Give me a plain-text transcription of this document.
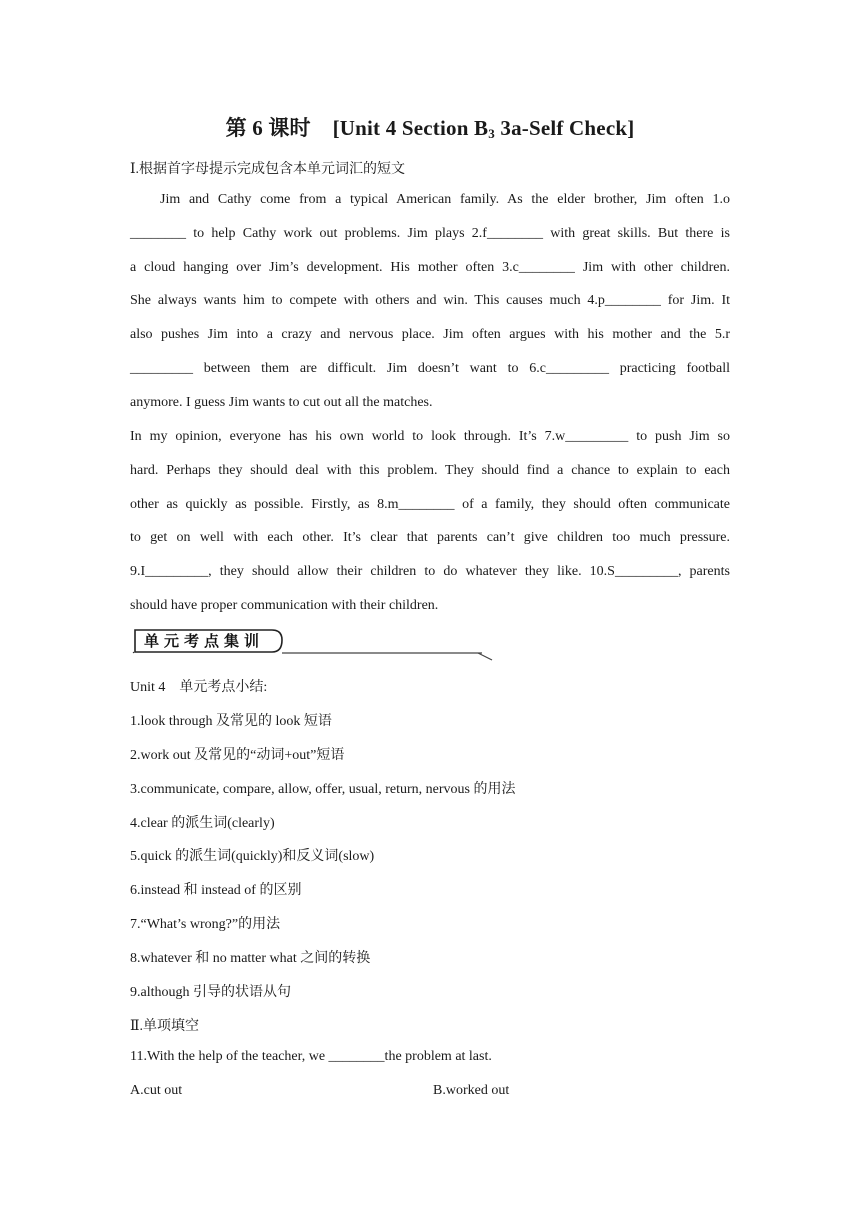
第 6 课时 [Unit 4 Section $B_3$ 3a-Self Check]
Ⅰ.根据首字母提示完成包含本单元词汇的短文
Jim and Cathy come from a typical American family. As the elder brother, Jim often 1.o
________ to help Cathy work out problems. Jim plays 2.f________ with great skills. But there is
a cloud hanging over Jim’s development. His mother often 3.c________ Jim with other children.
She always wants him to compete with others and win. This causes much 4.p________ for Jim. It
also pushes Jim into a crazy and nervous place. Jim often argues with his mother and the 5.r
_________ between them are difficult. Jim doesn’t want to 6.c_________ practicing football
anymore. I guess Jim wants to cut out all the matches.
In my opinion, everyone has his own world to look through. It’s 7.w_________ to push Jim so
hard. Perhaps they should deal with this problem. They should find a chance to explain to each
other as quickly as possible. Firstly, as 8.m________ of a family, they should often communicate
to get on well with each other. It’s clear that parents can’t give children too much pressure.
9.I_________, they should allow their children to do whatever they like. 10.S_________, parents
should have proper communication with their children.
单元考点集训
Unit 4　单元考点小结:
1.look through 及常见的 look 短语
2.work out 及常见的“动词+out”短语
3.communicate, compare, allow, offer, usual, return, nervous 的用法
4.clear 的派生词(clearly)
5.quick 的派生词(quickly)和反义词(slow)
6.instead 和 instead of 的区别
7.“What’s wrong?”的用法
8.whatever 和 no matter what 之间的转换
9.although 引导的状语从句
Ⅱ.单项填空
11.With the help of the teacher, we ________the problem at last.
A.cut out	B.worked out
